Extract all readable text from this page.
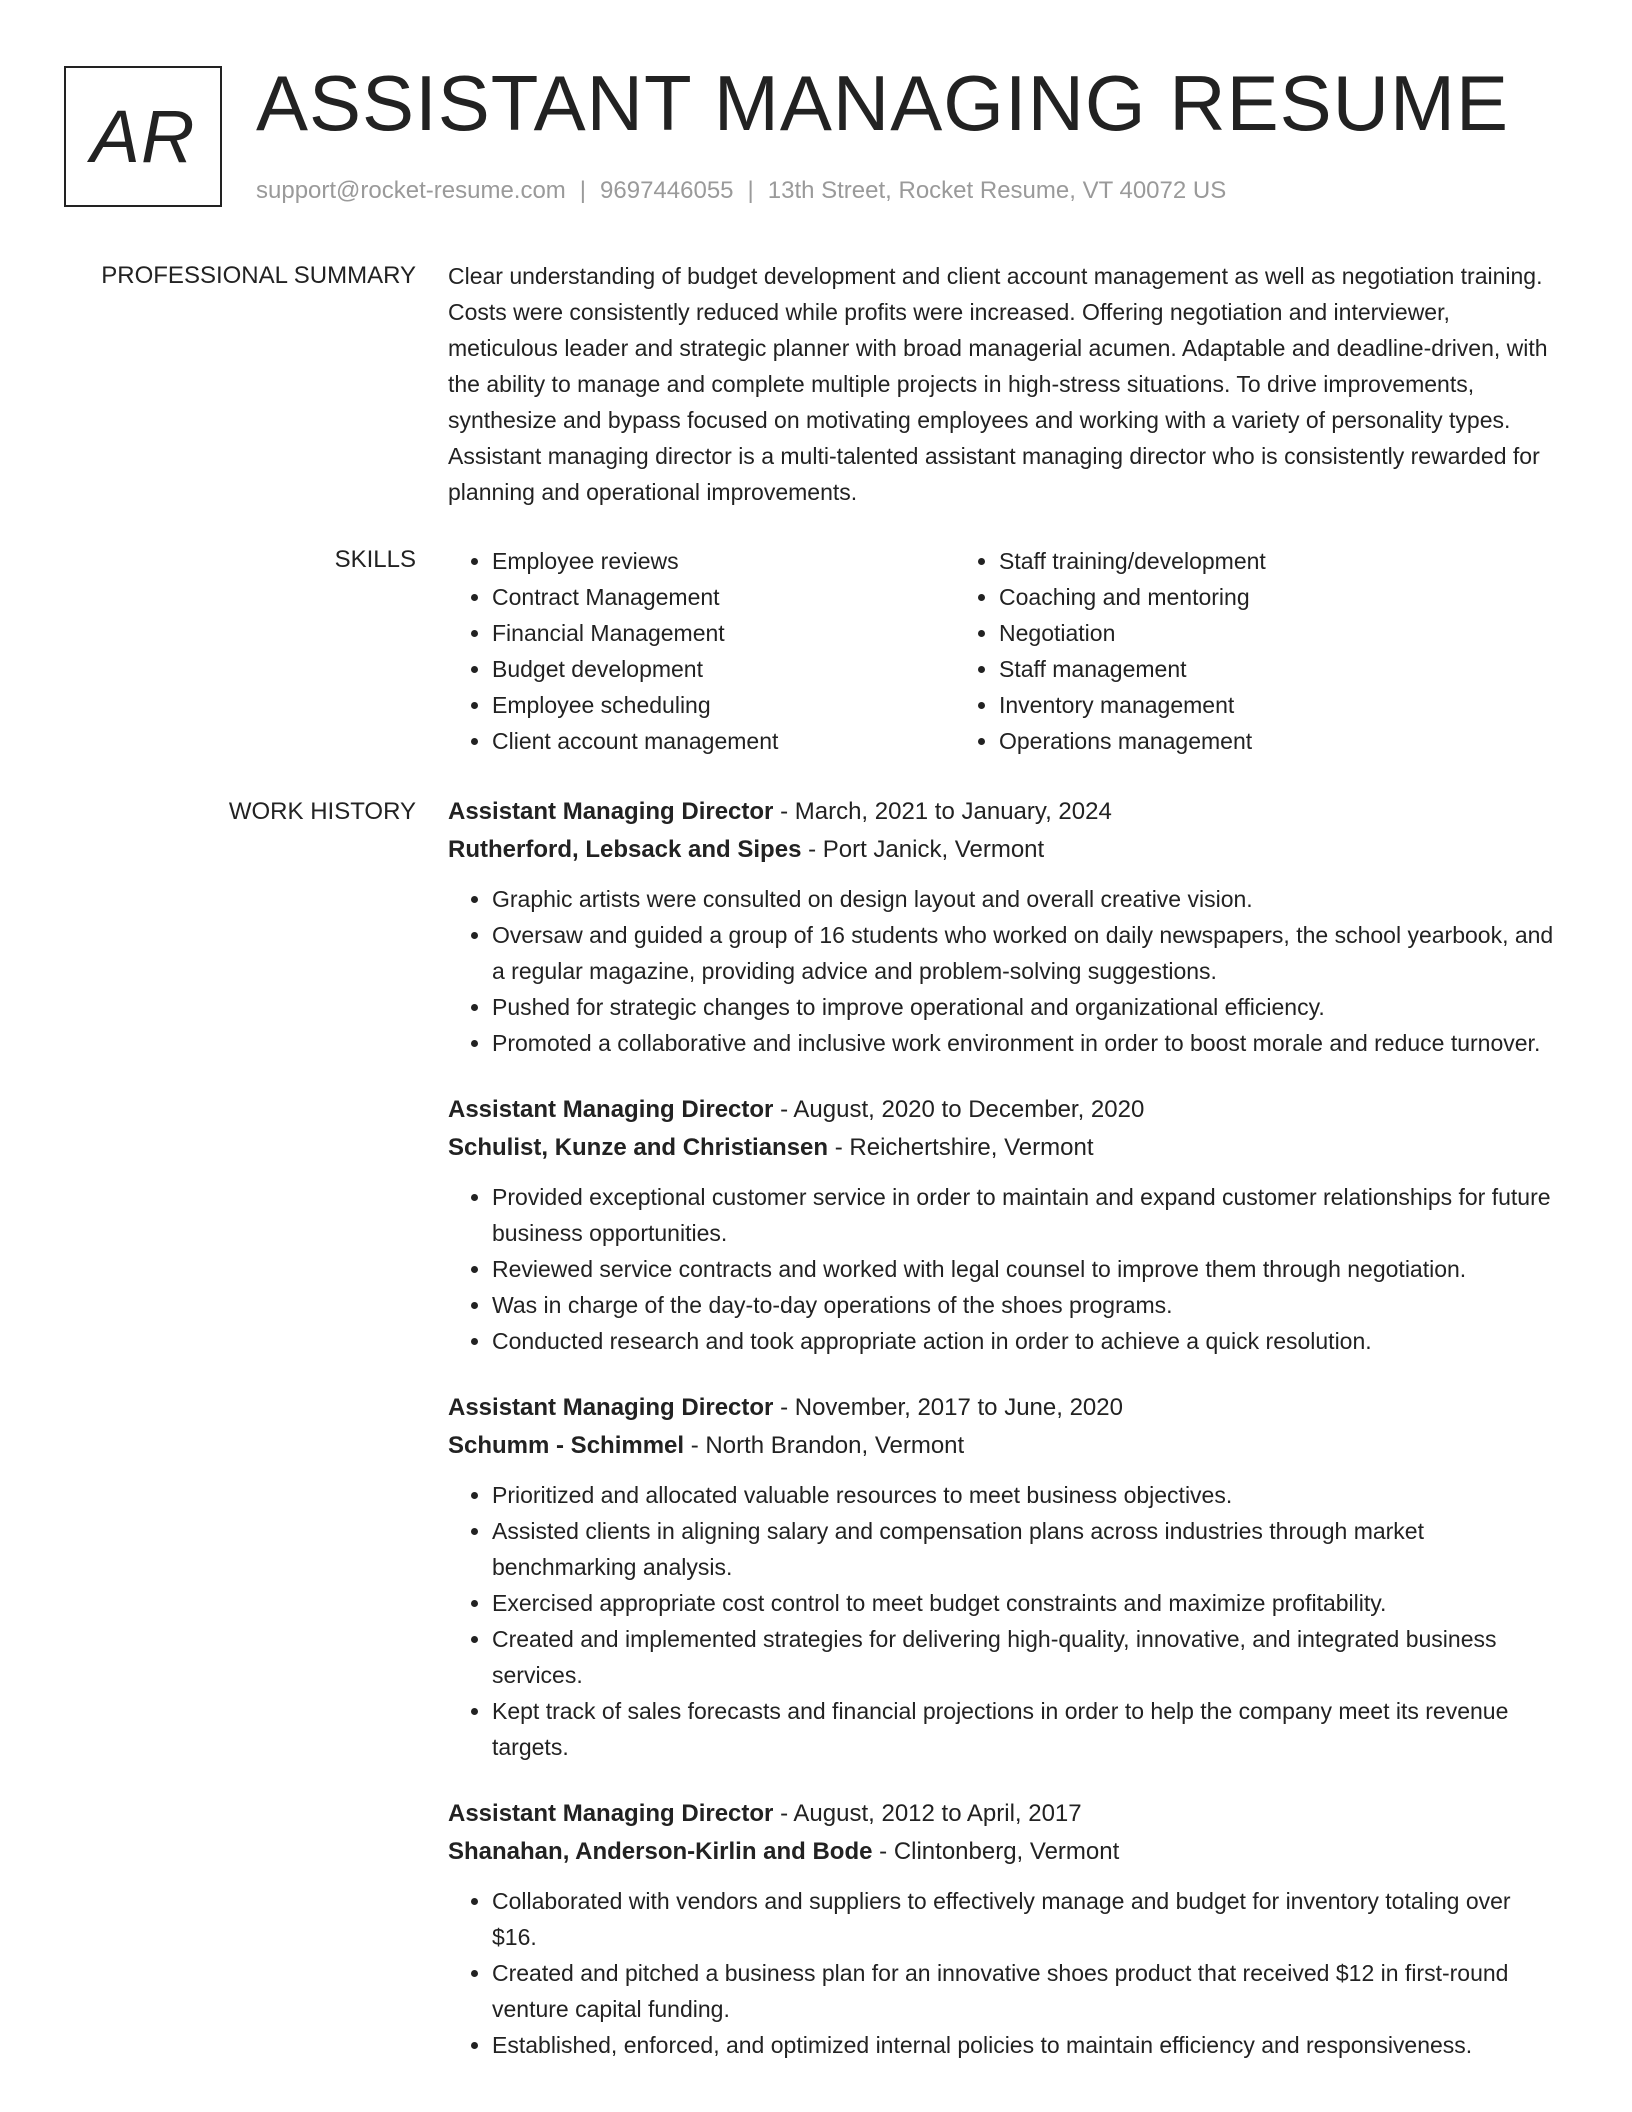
AR ASSISTANT MANAGING RESUME
support@rocket-resume.com | 9697446055 | 13th Street, Rocket Resume, VT 40072 US
PROFESSIONAL SUMMARY Clear understanding of budget development and client account management as well as negotiation training. Costs were consistently reduced while profits were increased. Offering negotiation and interviewer, meticulous leader and strategic planner with broad managerial acumen. Adaptable and deadline-driven, with the ability to manage and complete multiple projects in high-stress situations. To drive improvements, synthesize and bypass focused on motivating employees and working with a variety of personality types. Assistant managing director is a multi-talented assistant managing director who is consistently rewarded for planning and operational improvements.

SKILLS
•	Employee reviews
• Contract Management
• Financial Management
• Budget development
• Employee scheduling
• Client account management
• Staff training/development
• Coaching and mentoring
• Negotiation
• Staff management
• Inventory management
• Operations management
WORK HISTORY Assistant Managing Director - March, 2021 to January, 2024
Rutherford, Lebsack and Sipes - Port Janick, Vermont
• Graphic artists were consulted on design layout and overall creative vision.
• Oversaw and guided a group of 16 students who worked on daily newspapers, the school yearbook, and a regular magazine, providing advice and problem-solving suggestions.
• Pushed for strategic changes to improve operational and organizational efficiency.
• Promoted a collaborative and inclusive work environment in order to boost morale and reduce turnover.
Assistant Managing Director - August, 2020 to December, 2020
Schulist, Kunze and Christiansen - Reichertshire, Vermont
• Provided exceptional customer service in order to maintain and expand customer relationships for future business opportunities.
• Reviewed service contracts and worked with legal counsel to improve them through negotiation.
• Was in charge of the day-to-day operations of the shoes programs.
• Conducted research and took appropriate action in order to achieve a quick resolution.
Assistant Managing Director - November, 2017 to June, 2020
Schumm - Schimmel - North Brandon, Vermont
• Prioritized and allocated valuable resources to meet business objectives.
• Assisted clients in aligning salary and compensation plans across industries through market benchmarking analysis.
• Exercised appropriate cost control to meet budget constraints and maximize profitability.
• Created and implemented strategies for delivering high-quality, innovative, and integrated business services.
• Kept track of sales forecasts and financial projections in order to help the company meet its revenue targets.
Assistant Managing Director - August, 2012 to April, 2017
Shanahan, Anderson-Kirlin and Bode - Clintonberg, Vermont
• Collaborated with vendors and suppliers to effectively manage and budget for inventory totaling over $16.
• Created and pitched a business plan for an innovative shoes product that received $12 in first-round venture capital funding.
• Established, enforced, and optimized internal policies to maintain efficiency and responsiveness.
